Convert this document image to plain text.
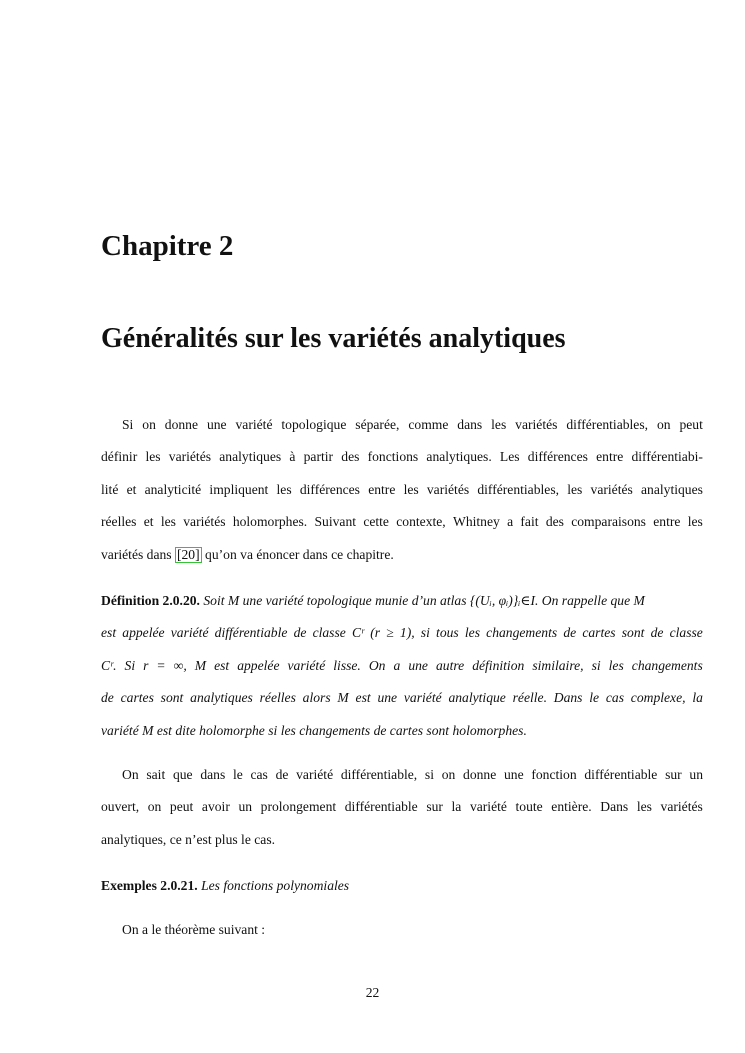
Chapitre 2
Généralités sur les variétés analytiques
Si on donne une variété topologique séparée, comme dans les variétés différentiables, on peut
définir les variétés analytiques à partir des fonctions analytiques. Les différences entre différentiabi-
lité et analyticité impliquent les différences entre les variétés différentiables, les variétés analytiques
réelles et les variétés holomorphes. Suivant cette contexte, Whitney a fait des comparaisons entre les
variétés dans [20] qu’on va énoncer dans ce chapitre.
Définition 2.0.20. Soit M une variété topologique munie d’un atlas {(Uᵢ, φᵢ)}ᵢ∈I. On rappelle que M
est appelée variété différentiable de classe Cʳ (r ≥ 1), si tous les changements de cartes sont de classe
Cʳ. Si r = ∞, M est appelée variété lisse. On a une autre définition similaire, si les changements
de cartes sont analytiques réelles alors M est une variété analytique réelle. Dans le cas complexe, la
variété M est dite holomorphe si les changements de cartes sont holomorphes.
On sait que dans le cas de variété différentiable, si on donne une fonction différentiable sur un
ouvert, on peut avoir un prolongement différentiable sur la variété toute entière. Dans les variétés
analytiques, ce n’est plus le cas.
Exemples 2.0.21. Les fonctions polynomiales
On a le théorème suivant :
22
